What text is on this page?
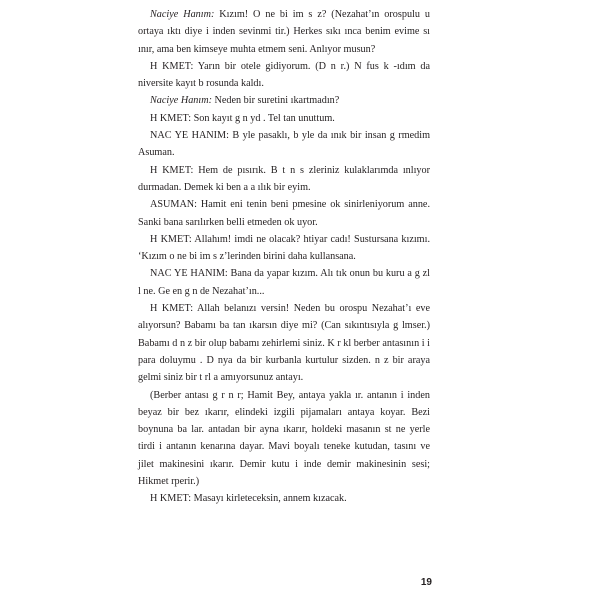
Naciye Hanım: Kızım! O ne bi im s z? (Nezahat’ın orospulu u ortaya ıktı diye i inden sevinmi tir.) Herkes sıkı ınca benim evime sı ınır, ama ben kimseye muhta etmem seni. Anlıyor musun?

H KMET: Yarın bir otele gidiyorum. (D n r.) N fus k -ıdım da niversite kayıt b rosunda kaldı.

Naciye Hanım: Neden bir suretini ıkartmadın?

H KMET: Son kayıt g n yd . Tel tan unuttum.

NAC YE HANIM: B yle pasaklı, b yle da ınık bir insan g rmedim Asuman.

H KMET: Hem de pısırık. B t n s zleriniz kulaklarımda ınlıyor durmadan. Demek ki ben a a ılık bir eyim.

ASUMAN: Hamit eni tenin beni pmesine ok sinirleniyorum anne. Sanki bana sarılırken belli etmeden ok uyor.

H KMET: Allahım! imdi ne olacak? htiyar cadı! Sustursana kızımı. ‘Kızım o ne bi im s z’lerinden birini daha kullansana.

NAC YE HANIM: Bana da yapar kızım. Alı tık onun bu kuru a g zl l ne. Ge en g n de Nezahat’ın...

H KMET: Allah belanızı versin! Neden bu orospu Nezahat’ı eve alıyorsun? Babamı ba tan ıkarsın diye mi? (Can sıkıntısıyla g lmser.) Babamı d n z bir olup babamı zehirlemi siniz. K r kl berber antasının i i para doluymu . D nya da bir kurbanla kurtulur sizden. n z bir araya gelmi siniz bir t rl a amıyorsunuz antayı.

(Berber antası g r n r; Hamit Bey, antaya yakla ır. antanın i inden beyaz bir bez ıkarır, elindeki izgili pijamaları antaya koyar. Bezi boynuna ba lar. antadan bir ayna ıkarır, holdeki masanın st ne yerle tirdi i antanın kenarına dayar. Mavi boyalı teneke kutudan, tasını ve jilet makinesini ıkarır. Demir kutu i inde demir makinesinin sesi; Hikmet rperir.)

H KMET: Masayı kirleteceksin, annem kızacak.

19
